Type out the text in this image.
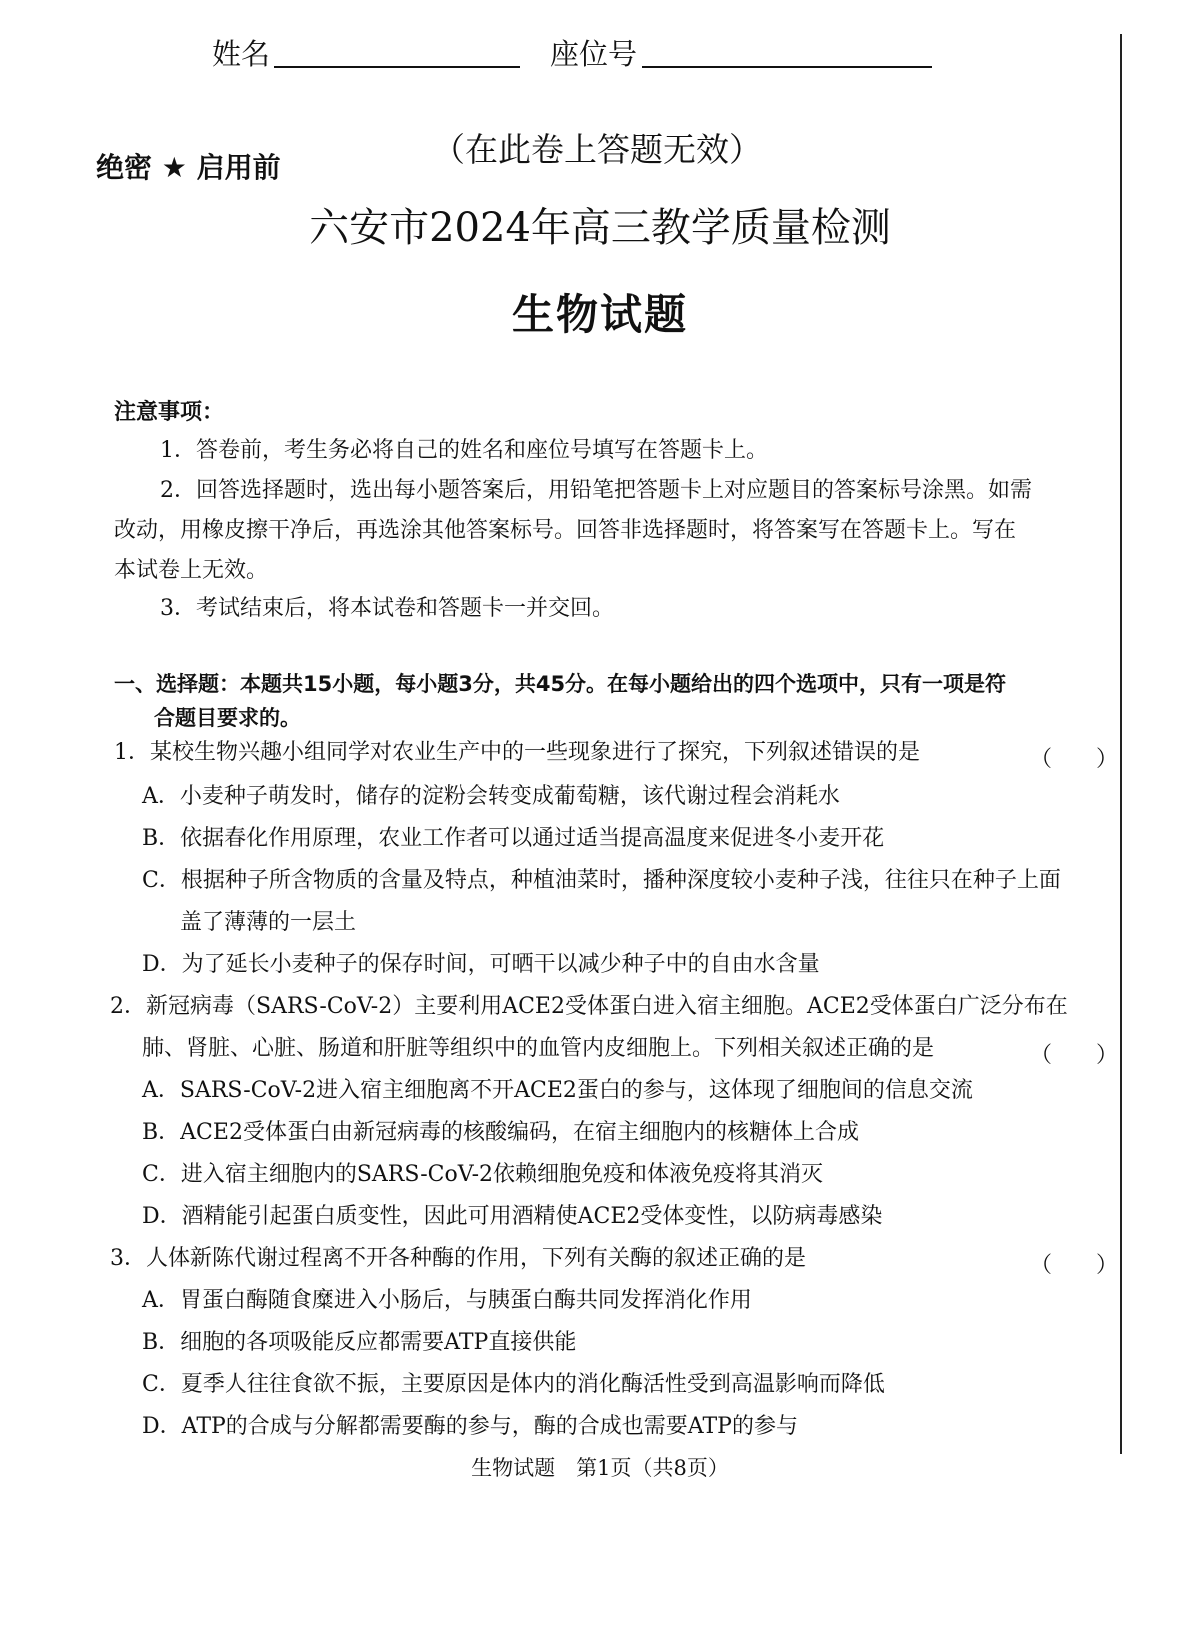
姓名	座位号
绝密 ★ 启用前	（在此卷上答题无效）
六安市2024年高三教学质量检测
生物试题
注意事项：
1．答卷前，考生务必将自己的姓名和座位号填写在答题卡上。
2．回答选择题时，选出每小题答案后，用铅笔把答题卡上对应题目的答案标号涂黑。如需
改动，用橡皮擦干净后，再选涂其他答案标号。回答非选择题时，将答案写在答题卡上。写在
本试卷上无效。
3．考试结束后，将本试卷和答题卡一并交回。
一、选择题：本题共15小题，每小题3分，共45分。在每小题给出的四个选项中，只有一项是符
合题目要求的。
1．某校生物兴趣小组同学对农业生产中的一些现象进行了探究，下列叙述错误的是	（　　）
A．小麦种子萌发时，储存的淀粉会转变成葡萄糖，该代谢过程会消耗水
B．依据春化作用原理，农业工作者可以通过适当提高温度来促进冬小麦开花
C．根据种子所含物质的含量及特点，种植油菜时，播种深度较小麦种子浅，往往只在种子上面
盖了薄薄的一层土
D．为了延长小麦种子的保存时间，可晒干以减少种子中的自由水含量
2．新冠病毒（SARS-CoV-2）主要利用ACE2受体蛋白进入宿主细胞。ACE2受体蛋白广泛分布在
肺、肾脏、心脏、肠道和肝脏等组织中的血管内皮细胞上。下列相关叙述正确的是	（　　）
A．SARS-CoV-2进入宿主细胞离不开ACE2蛋白的参与，这体现了细胞间的信息交流
B．ACE2受体蛋白由新冠病毒的核酸编码，在宿主细胞内的核糖体上合成
C．进入宿主细胞内的SARS-CoV-2依赖细胞免疫和体液免疫将其消灭
D．酒精能引起蛋白质变性，因此可用酒精使ACE2受体变性，以防病毒感染
3．人体新陈代谢过程离不开各种酶的作用，下列有关酶的叙述正确的是	（　　）
A．胃蛋白酶随食糜进入小肠后，与胰蛋白酶共同发挥消化作用
B．细胞的各项吸能反应都需要ATP直接供能
C．夏季人往往食欲不振，主要原因是体内的消化酶活性受到高温影响而降低
D．ATP的合成与分解都需要酶的参与，酶的合成也需要ATP的参与
生物试题　第1页（共8页）
